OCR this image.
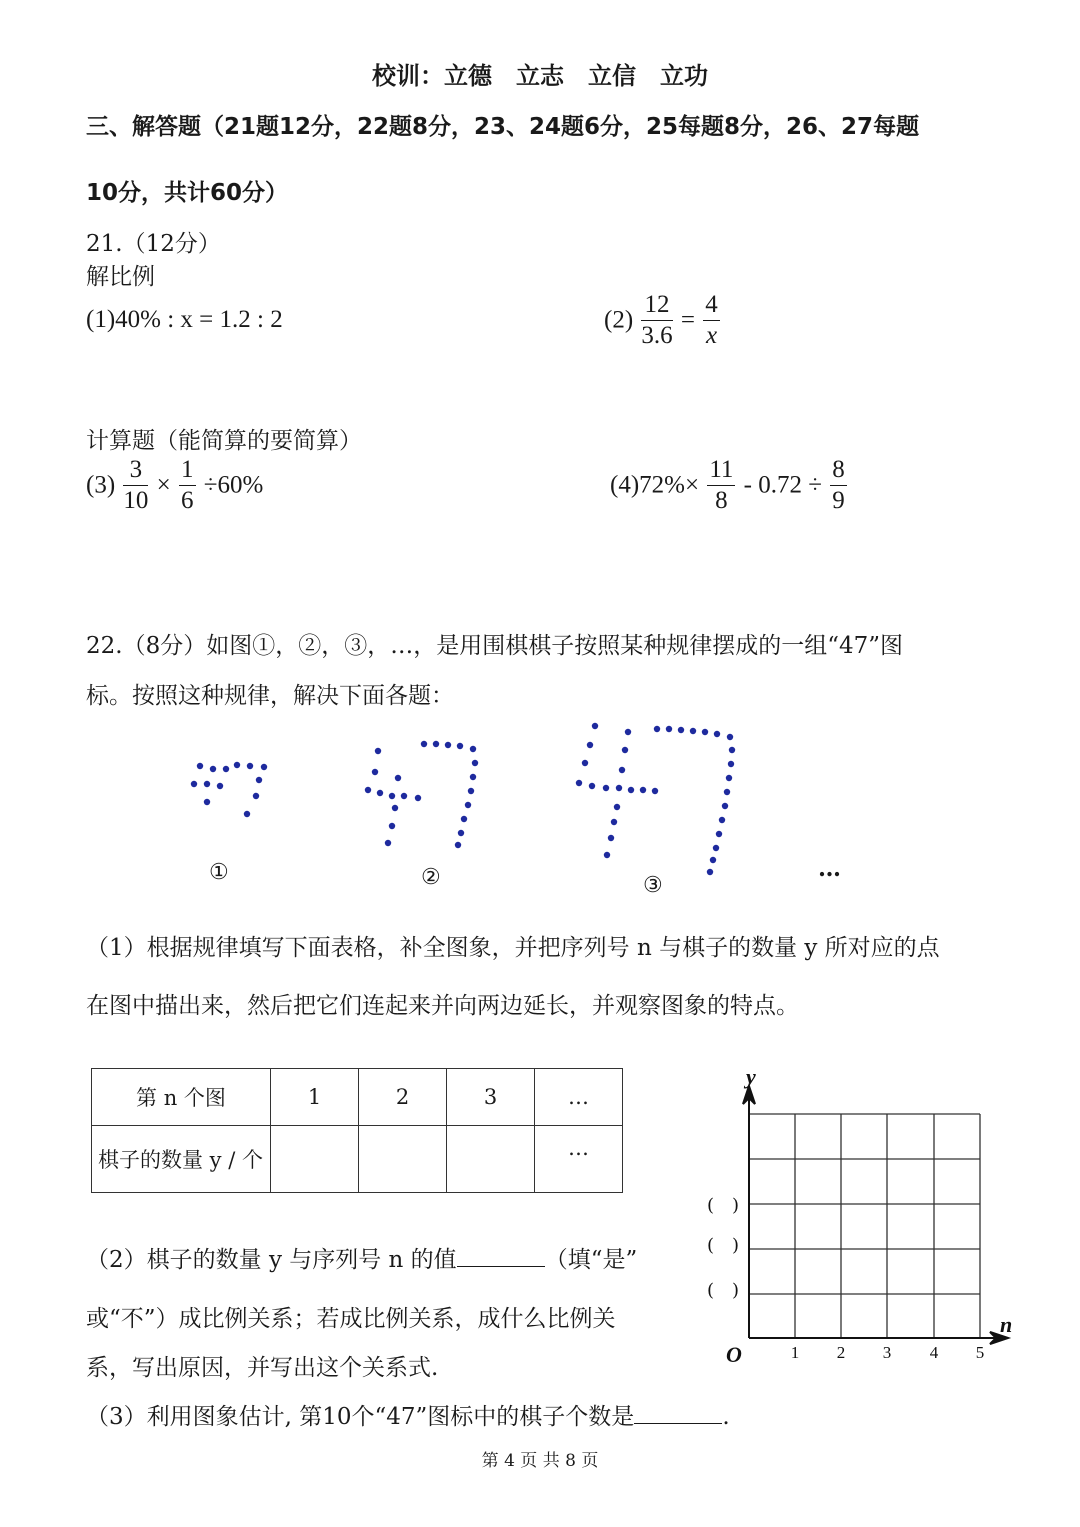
校训：立德　立志　立信　立功
三、解答题（21题12分，22题8分，23、24题6分，25每题8分，26、27每题
10分，共计60分）
21.（12分）
解比例
(1)40% : x = 1.2 : 2	$(2) \frac{12}{3.6} = \frac{4}{x}$
计算题（能简算的要简算）
$(3) \frac{3}{10} \times \frac{1}{6} \div 60\%$	$(4)72\%\times \frac{11}{8} - 0.72 \div \frac{8}{9}$
22.（8分）如图①，②，③，…，是用围棋棋子按照某种规律摆成的一组“47”图
标。按照这种规律，解决下面各题：
①	②	③
…
（1）根据规律填写下面表格，补全图象，并把序列号 n 与棋子的数量 y 所对应的点
在图中描出来，然后把它们连起来并向两边延长，并观察图象的特点。
第 n 个图	1	2	3	…
棋子的数量 y / 个				…
（2）棋子的数量 y 与序列号 n 的值	（填“是”
或“不”）成比例关系；若成比例关系，成什么比例关
系，写出原因，并写出这个关系式.
（3）利用图象估计, 第10个“47”图标中的棋子个数是	.
y
n
O	1 2 3 4 5
(　)
(　)
(　)
第 4 页 共 8 页
